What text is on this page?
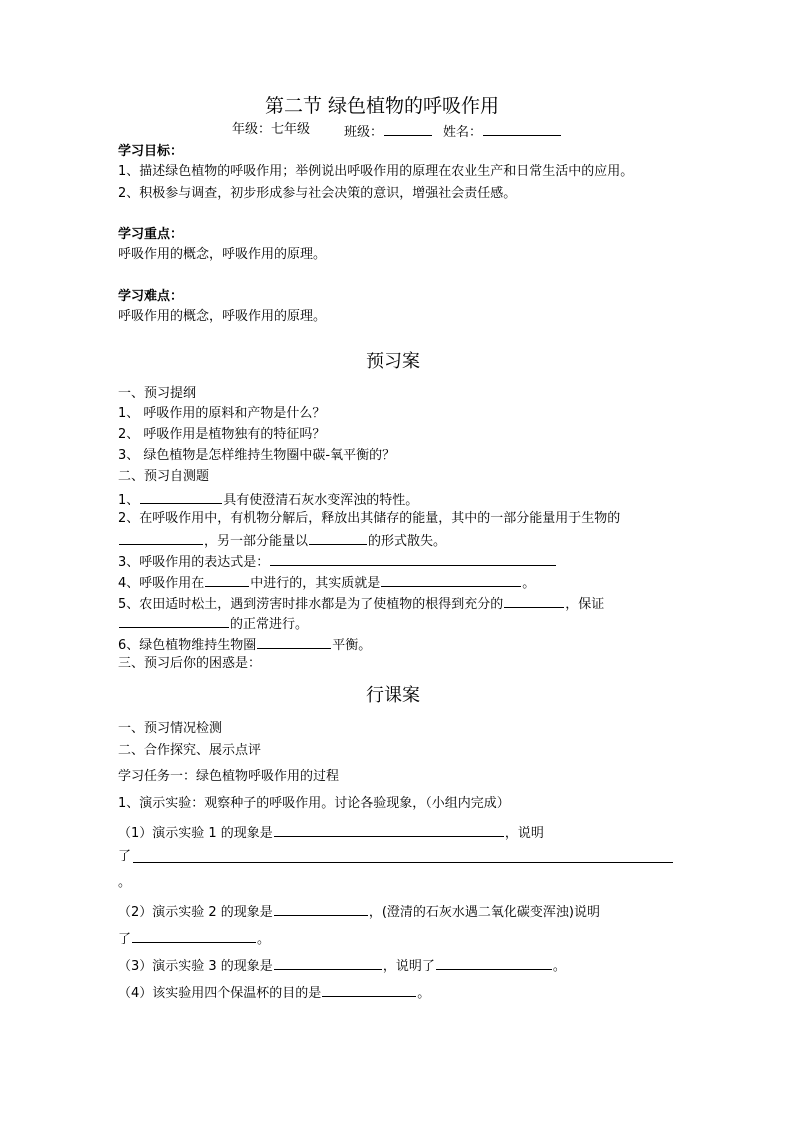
第二节 绿色植物的呼吸作用
年级：七年级	班级：	姓名：
学习目标：
1、描述绿色植物的呼吸作用；举例说出呼吸作用的原理在农业生产和日常生活中的应用。
2、积极参与调查，初步形成参与社会决策的意识，增强社会责任感。
学习重点：
呼吸作用的概念，呼吸作用的原理。
学习难点：
呼吸作用的概念，呼吸作用的原理。
预习案
一、预习提纲
1、 呼吸作用的原料和产物是什么？
2、 呼吸作用是植物独有的特征吗？
3、 绿色植物是怎样维持生物圈中碳-氧平衡的？
二、预习自测题
1、	具有使澄清石灰水变浑浊的特性。
2、在呼吸作用中，有机物分解后，释放出其储存的能量，其中的一部分能量用于生物的
，另一部分能量以	的形式散失。
3、呼吸作用的表达式是：
4、呼吸作用在	中进行的，其实质就是	。
5、农田适时松土，遇到涝害时排水都是为了使植物的根得到充分的	，保证
的正常进行。
6、绿色植物维持生物圈	平衡。
三、预习后你的困惑是：
行课案
一、预习情况检测
二、合作探究、展示点评
学习任务一：绿色植物呼吸作用的过程
1、演示实验：观察种子的呼吸作用。讨论各验现象，（小组内完成）
（1）演示实验 1 的现象是	，说明
了
。
（2）演示实验 2 的现象是	，(澄清的石灰水遇二氧化碳变浑浊)说明
了	。
（3）演示实验 3 的现象是	，说明了	。
（4）该实验用四个保温杯的目的是	。
